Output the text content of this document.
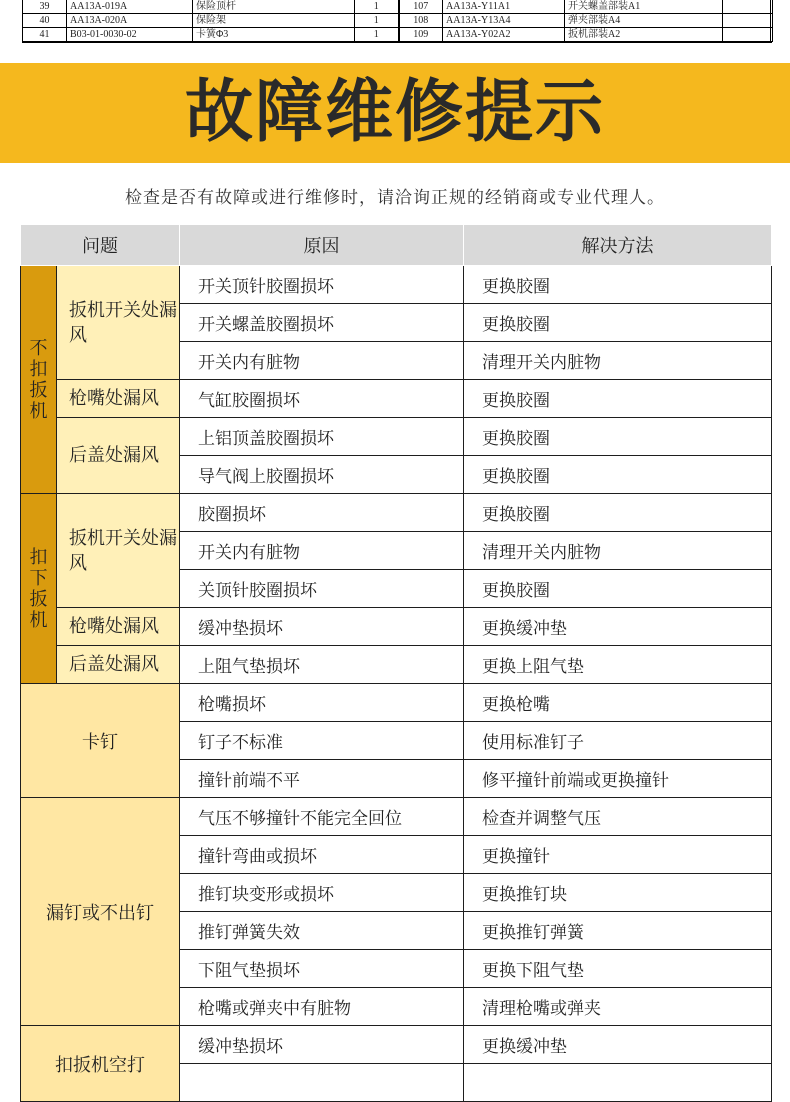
39	AA13A-019A	保险顶杆	1	107	AA13A-Y11A1	开关螺盖部装A1		
40	AA13A-020A	保险架	1	108	AA13A-Y13A4	弹夹部装A4		
41	B03-01-0030-02	卡簧Φ3	1	109	AA13A-Y02A2	扳机部装A2		
故障维修提示
检查是否有故障或进行维修时，请洽询正规的经销商或专业代理人。
问题		原因	解决方法
不扣扳机	扳机开关处漏风	开关顶针胶圈损坏	更换胶圈
		开关螺盖胶圈损坏	更换胶圈
		开关内有脏物	清理开关内脏物
	枪嘴处漏风	气缸胶圈损坏	更换胶圈
	后盖处漏风	上铝顶盖胶圈损坏	更换胶圈
		导气阀上胶圈损坏	更换胶圈
扣下扳机	扳机开关处漏风	胶圈损坏	更换胶圈
		开关内有脏物	清理开关内脏物
		关顶针胶圈损坏	更换胶圈
	枪嘴处漏风	缓冲垫损坏	更换缓冲垫
	后盖处漏风	上阻气垫损坏	更换上阻气垫
卡钉		枪嘴损坏	更换枪嘴
		钉子不标准	使用标准钉子
		撞针前端不平	修平撞针前端或更换撞针
漏钉或不出钉		气压不够撞针不能完全回位	检查并调整气压
		撞针弯曲或损坏	更换撞针
		推钉块变形或损坏	更换推钉块
		推钉弹簧失效	更换推钉弹簧
		下阻气垫损坏	更换下阻气垫
		枪嘴或弹夹中有脏物	清理枪嘴或弹夹
扣扳机空打		缓冲垫损坏	更换缓冲垫
